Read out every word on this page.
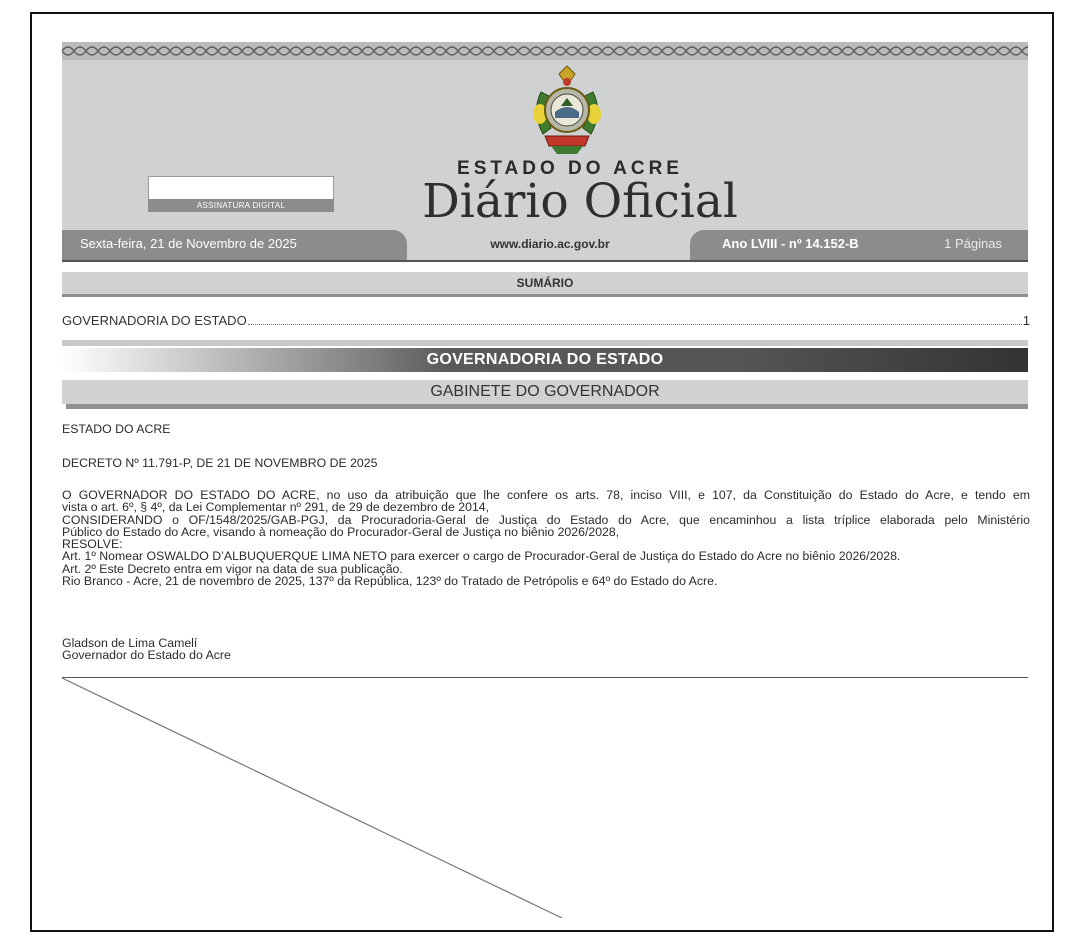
ESTADO DO ACRE
Diário Oficial
ASSINATURA DIGITAL
Sexta-feira, 21 de Novembro de 2025	www.diario.ac.gov.br	Ano LVIII - nº 14.152-B	1 Páginas
SUMÁRIO
GOVERNADORIA DO ESTADO	1
GOVERNADORIA DO ESTADO
GABINETE DO GOVERNADOR
ESTADO DO ACRE
DECRETO Nº 11.791-P, DE 21 DE NOVEMBRO DE 2025
O GOVERNADOR DO ESTADO DO ACRE, no uso da atribuição que lhe confere os arts. 78, inciso VIII, e 107, da Constituição do Estado do Acre, e tendo em
vista o art. 6º, § 4º, da Lei Complementar nº 291, de 29 de dezembro de 2014,
CONSIDERANDO o OF/1548/2025/GAB-PGJ, da Procuradoria-Geral de Justiça do Estado do Acre, que encaminhou a lista tríplice elaborada pelo Ministério
Público do Estado do Acre, visando à nomeação do Procurador-Geral de Justiça no biênio 2026/2028,
RESOLVE:
Art. 1º Nomear OSWALDO D’ALBUQUERQUE LIMA NETO para exercer o cargo de Procurador-Geral de Justiça do Estado do Acre no biênio 2026/2028.
Art. 2º Este Decreto entra em vigor na data de sua publicação.
Rio Branco - Acre, 21 de novembro de 2025, 137º da República, 123º do Tratado de Petrópolis e 64º do Estado do Acre.
Gladson de Lima Camelí
Governador do Estado do Acre
